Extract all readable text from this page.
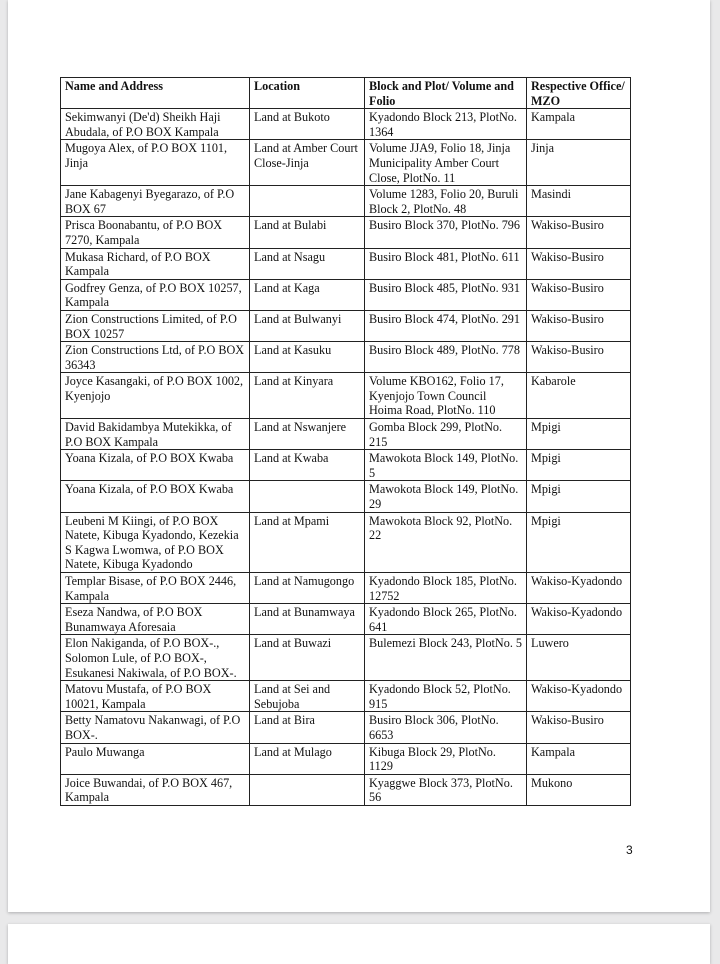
Name and Address	Location	Block and Plot/ Volume and Folio	Respective Office/ MZO
Sekimwanyi (De'd) Sheikh Haji Abudala, of P.O BOX Kampala	Land at Bukoto	Kyadondo Block 213, PlotNo. 1364	Kampala
Mugoya Alex, of P.O BOX 1101, Jinja	Land at Amber Court Close-Jinja	Volume JJA9, Folio 18, Jinja Municipality Amber Court Close, PlotNo. 11	Jinja
Jane Kabagenyi Byegarazo, of P.O BOX 67		Volume 1283, Folio 20, Buruli Block 2, PlotNo. 48	Masindi
Prisca Boonabantu, of P.O BOX 7270, Kampala	Land at Bulabi	Busiro Block 370, PlotNo. 796	Wakiso-Busiro
Mukasa Richard, of P.O BOX Kampala	Land at Nsagu	Busiro Block 481, PlotNo. 611	Wakiso-Busiro
Godfrey Genza, of P.O BOX 10257, Kampala	Land at Kaga	Busiro Block 485, PlotNo. 931	Wakiso-Busiro
Zion Constructions Limited, of P.O BOX 10257	Land at Bulwanyi	Busiro Block 474, PlotNo. 291	Wakiso-Busiro
Zion Constructions Ltd, of P.O BOX 36343	Land at Kasuku	Busiro Block 489, PlotNo. 778	Wakiso-Busiro
Joyce Kasangaki, of P.O BOX 1002, Kyenjojo	Land at Kinyara	Volume KBO162, Folio 17, Kyenjojo Town Council Hoima Road, PlotNo. 110	Kabarole
David Bakidambya Mutekikka, of P.O BOX Kampala	Land at Nswanjere	Gomba Block 299, PlotNo. 215	Mpigi
Yoana Kizala, of P.O BOX Kwaba	Land at Kwaba	Mawokota Block 149, PlotNo. 5	Mpigi
Yoana Kizala, of P.O BOX Kwaba		Mawokota Block 149, PlotNo. 29	Mpigi
Leubeni M Kiingi, of P.O BOX Natete, Kibuga Kyadondo, Kezekia S Kagwa Lwomwa, of P.O BOX Natete, Kibuga Kyadondo	Land at Mpami	Mawokota Block 92, PlotNo. 22	Mpigi
Templar Bisase, of P.O BOX 2446, Kampala	Land at Namugongo	Kyadondo Block 185, PlotNo. 12752	Wakiso-Kyadondo
Eseza Nandwa, of P.O BOX Bunamwaya Aforesaia	Land at Bunamwaya	Kyadondo Block 265, PlotNo. 641	Wakiso-Kyadondo
Elon Nakiganda, of P.O BOX-., Solomon Lule, of P.O BOX-, Esukanesi Nakiwala, of P.O BOX-.	Land at Buwazi	Bulemezi Block 243, PlotNo. 5	Luwero
Matovu Mustafa, of P.O BOX 10021, Kampala	Land at Sei and Sebujoba	Kyadondo Block 52, PlotNo. 915	Wakiso-Kyadondo
Betty Namatovu Nakanwagi, of P.O BOX-.	Land at Bira	Busiro Block 306, PlotNo. 6653	Wakiso-Busiro
Paulo Muwanga	Land at Mulago	Kibuga Block 29, PlotNo. 1129	Kampala
Joice Buwandai, of P.O BOX 467, Kampala		Kyaggwe Block 373, PlotNo. 56	Mukono
3
